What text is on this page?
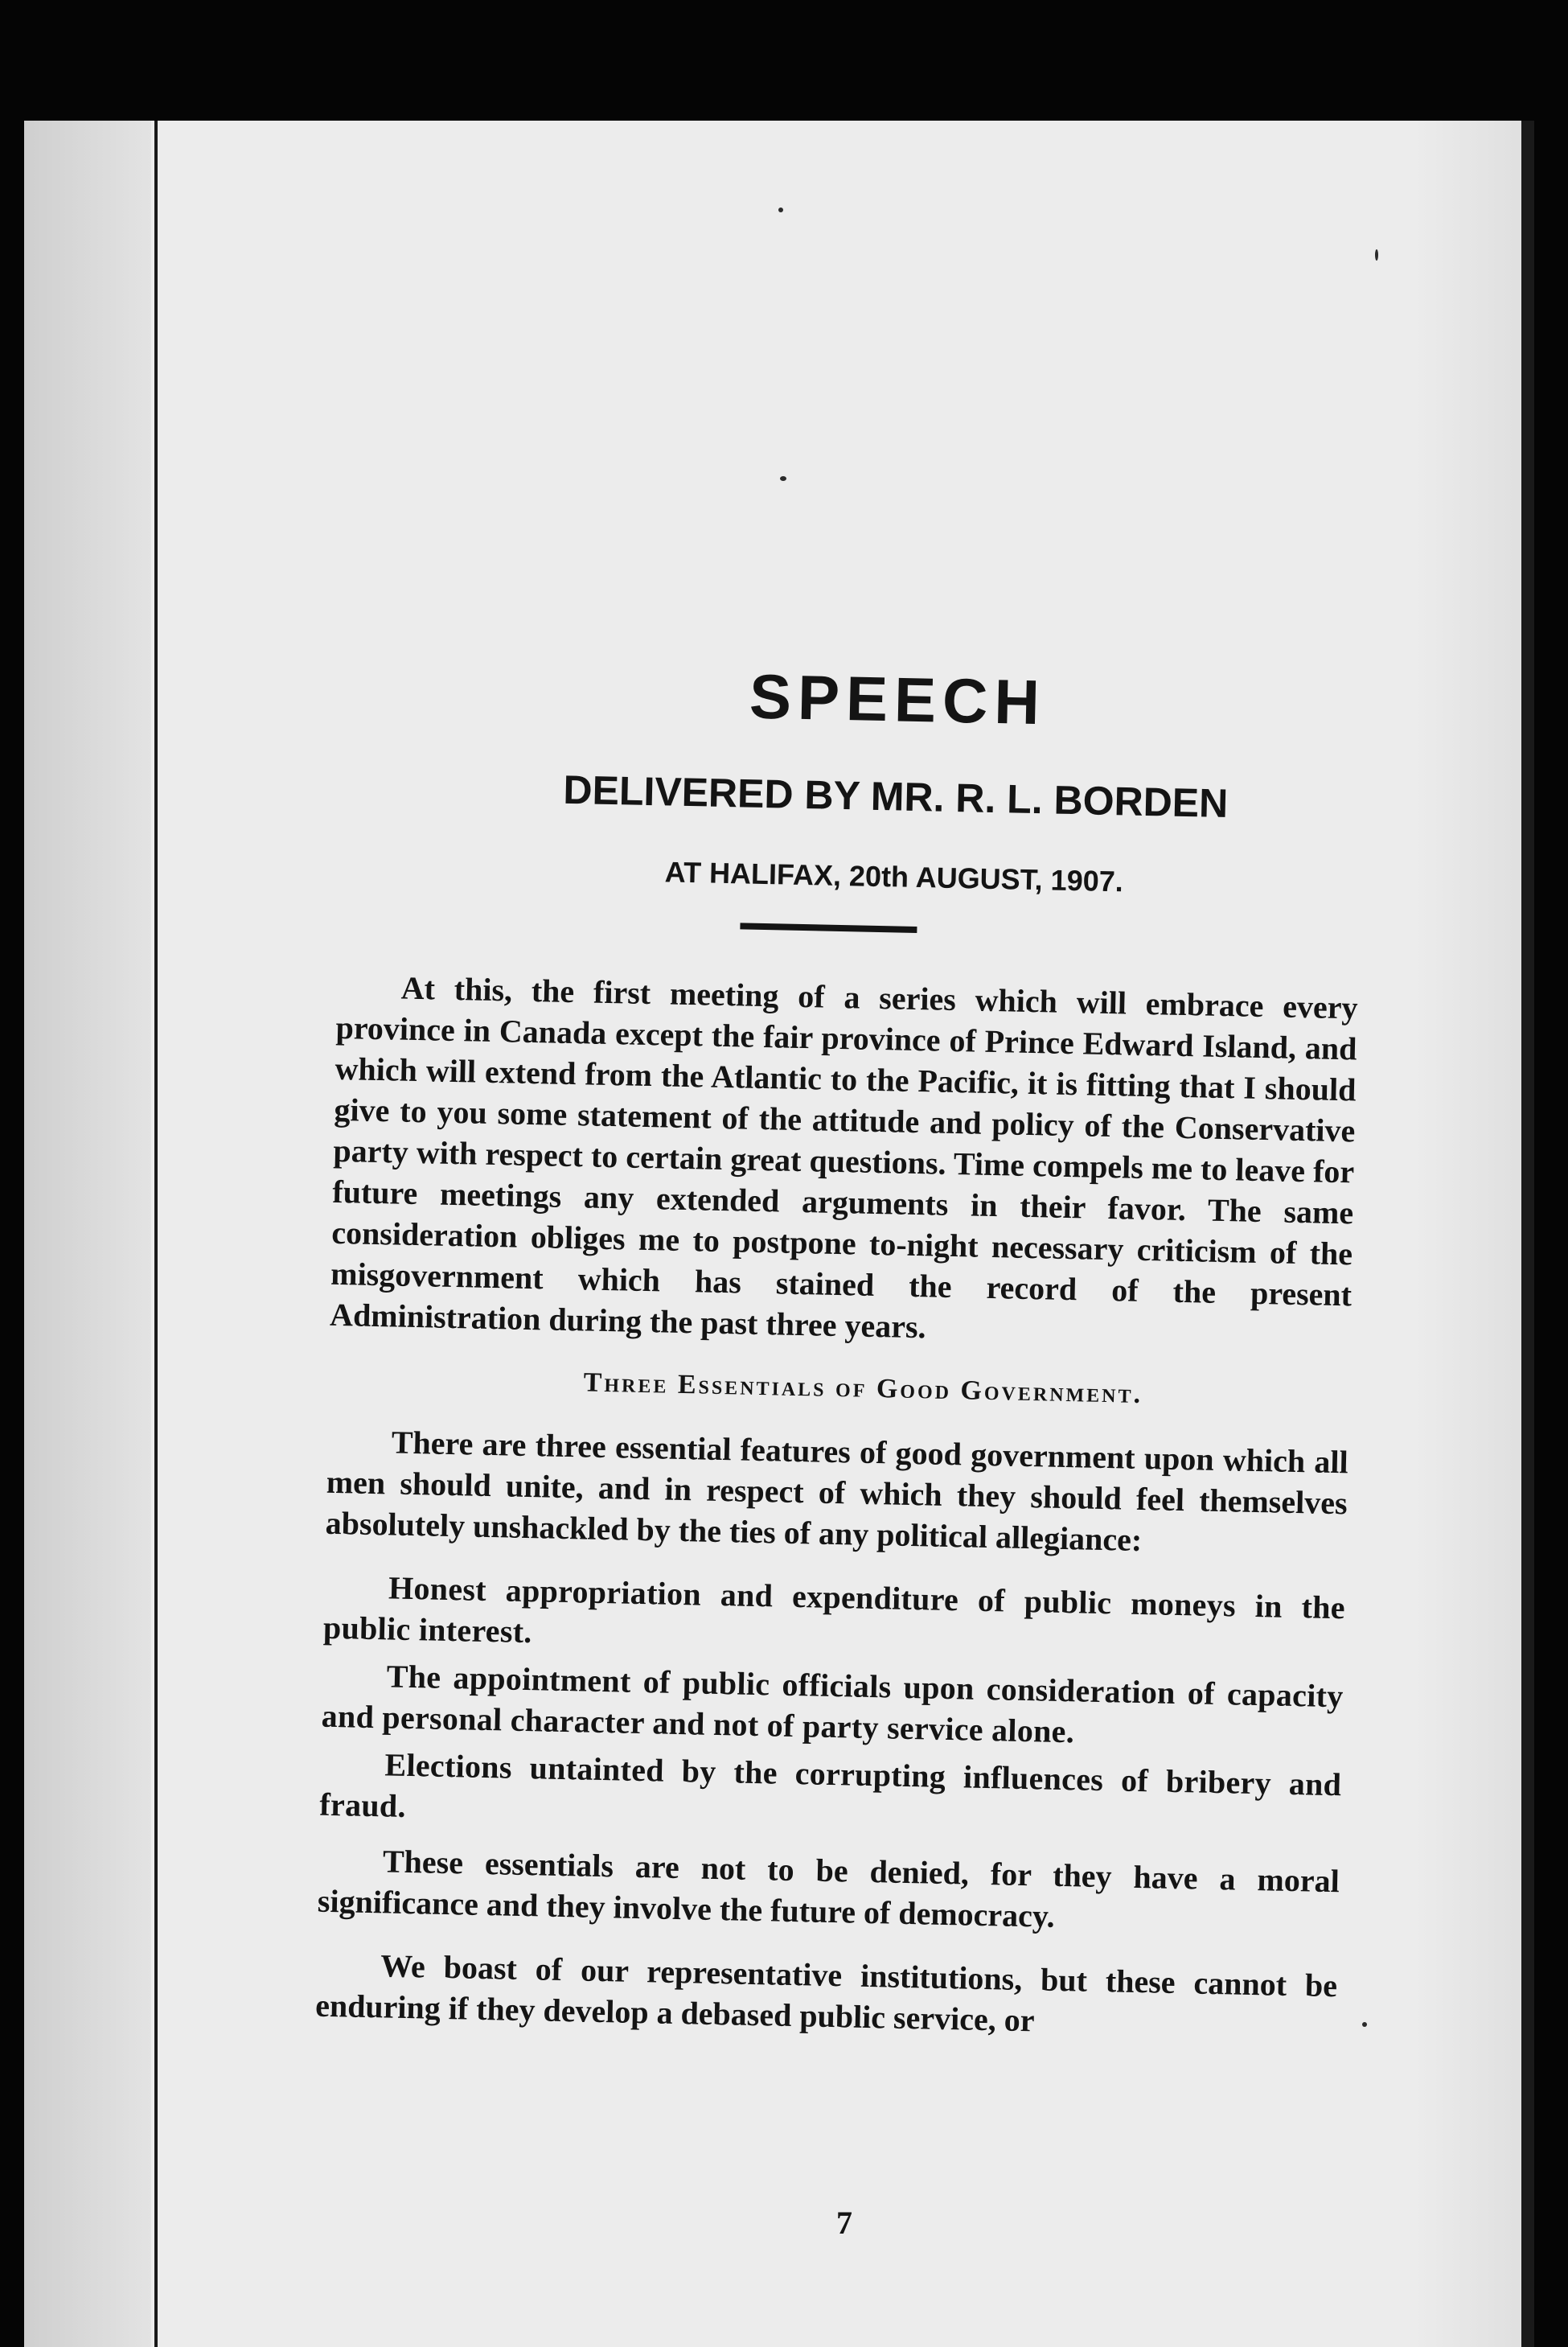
7
SPEECH
DELIVERED BY MR. R. L. BORDEN
AT HALIFAX, 20th AUGUST, 1907.

At this, the first meeting of a series which will embrace every province in Canada except the fair province of Prince Edward Island, and which will extend from the Atlantic to the Pacific, it is fitting that I should give to you some statement of the attitude and policy of the Conservative party with respect to certain great questions. Time compels me to leave for future meetings any extended arguments in their favor. The same consideration obliges me to postpone to-night necessary criticism of the misgovernment which has stained the record of the present Administration during the past three years.

Three Essentials of Good Government.

There are three essential features of good government upon which all men should unite, and in respect of which they should feel themselves absolutely unshackled by the ties of any political allegiance:

Honest appropriation and expenditure of public moneys in the public interest.

The appointment of public officials upon consideration of capacity and personal character and not of party service alone.

Elections untainted by the corrupting influences of bribery and fraud.

These essentials are not to be denied, for they have a moral significance and they involve the future of democracy.

We boast of our representative institutions, but these cannot be enduring if they develop a debased public service, or
